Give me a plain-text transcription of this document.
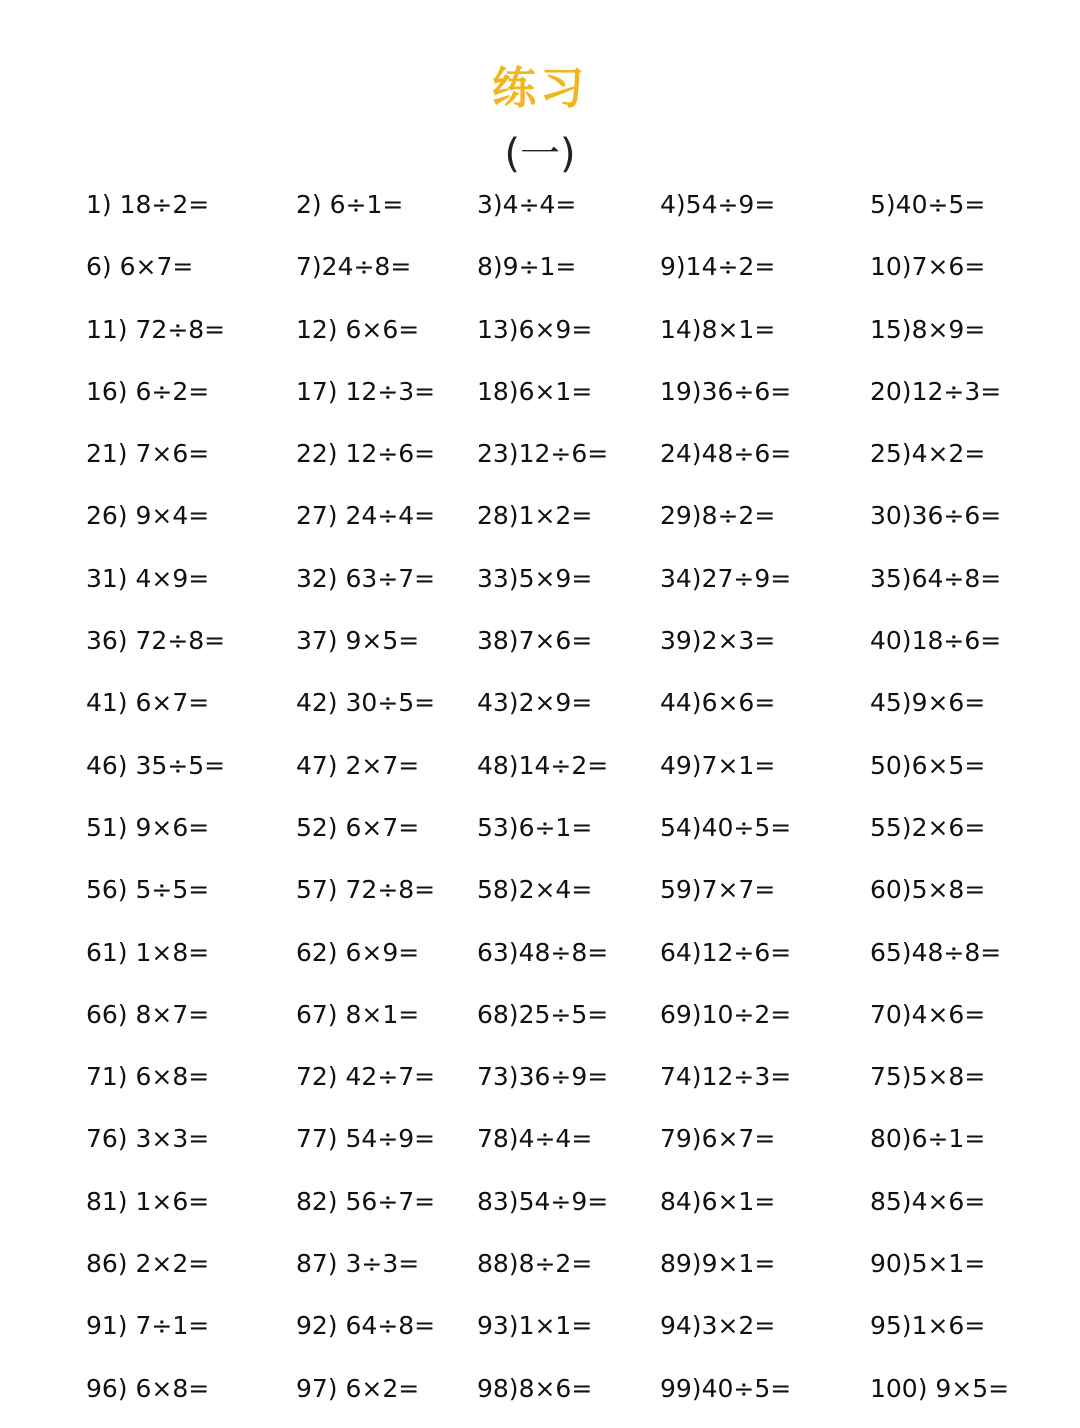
练习
(一)
1) 18÷2=	2) 6÷1=	3)4÷4=	4)54÷9=	5)40÷5=
6) 6×7=	7)24÷8=	8)9÷1=	9)14÷2=	10)7×6=
11) 72÷8=	12) 6×6= 13)6×9=	14)8×1=	15)8×9=
16) 6÷2=	17) 12÷3= 18)6×1=	19)36÷6=	20)12÷3=
21) 7×6=	22) 12÷6= 23)12÷6= 24)48÷6=	25)4×2=
26) 9×4=	27) 24÷4= 28)1×2=	29)8÷2=	30)36÷6=
31) 4×9=	32) 63÷7= 33)5×9=	34)27÷9=	35)64÷8=
36) 72÷8=	37) 9×5= 38)7×6=	39)2×3=	40)18÷6=
41) 6×7=	42) 30÷5= 43)2×9=	44)6×6=	45)9×6=
46) 35÷5=	47) 2×7= 48)14÷2= 49)7×1=	50)6×5=
51) 9×6=	52) 6×7= 53)6÷1=	54)40÷5=	55)2×6=
56) 5÷5=	57) 72÷8= 58)2×4=	59)7×7=	60)5×8=
61) 1×8=	62) 6×9= 63)48÷8= 64)12÷6=	65)48÷8=
66) 8×7=	67) 8×1= 68)25÷5= 69)10÷2=	70)4×6=
71) 6×8=	72) 42÷7= 73)36÷9= 74)12÷3=	75)5×8=
76) 3×3=	77) 54÷9= 78)4÷4=	79)6×7=	80)6÷1=
81) 1×6=	82) 56÷7= 83)54÷9= 84)6×1=	85)4×6=
86) 2×2=	87) 3÷3= 88)8÷2=	89)9×1=	90)5×1=
91) 7÷1=	92) 64÷8= 93)1×1=	94)3×2=	95)1×6=
96) 6×8=	97) 6×2= 98)8×6=	99)40÷5=	100) 9×5=
